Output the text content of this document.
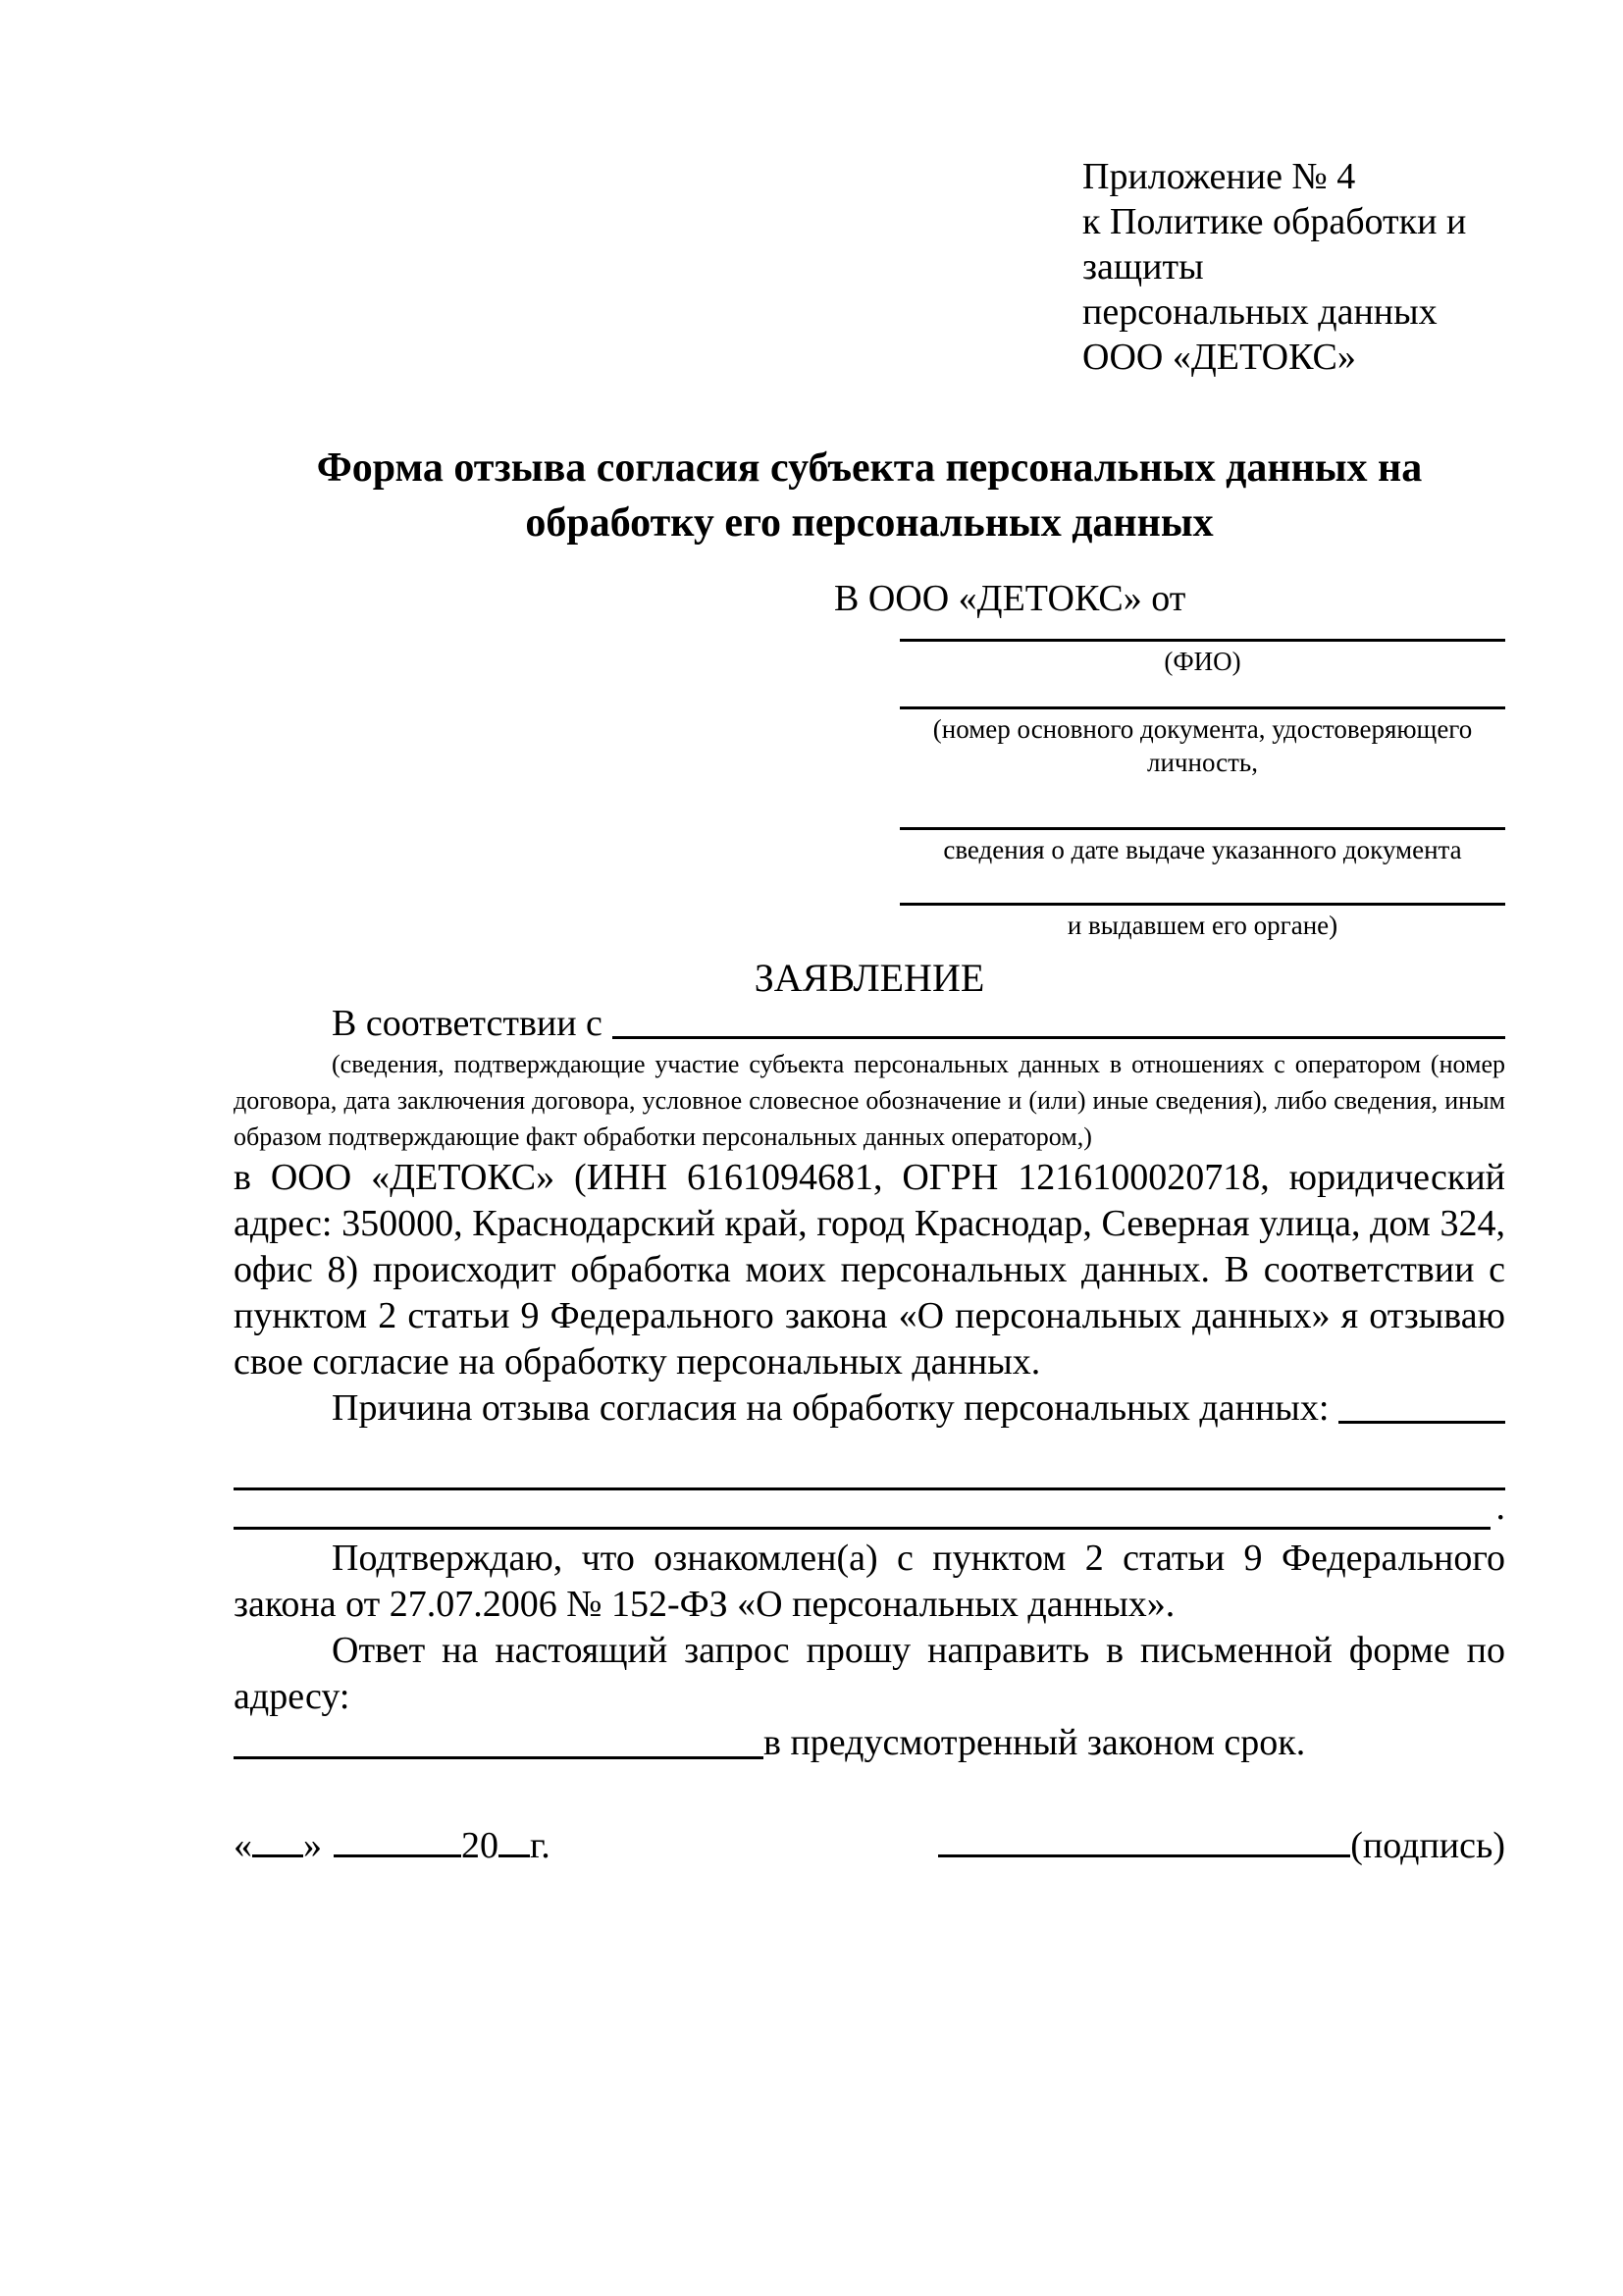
Приложение № 4
к Политике обработки и защиты
персональных данных
ООО «ДЕТОКС»
Форма отзыва согласия субъекта персональных данных на обработку его персональных данных
В ООО «ДЕТОКС» от
(ФИО)
(номер основного документа, удостоверяющего личность,
сведения о дате выдаче указанного документа
и выдавшем его органе)
ЗАЯВЛЕНИЕ
В соответствии с
(сведения, подтверждающие участие субъекта персональных данных в отношениях с оператором (номер договора, дата заключения договора, условное словесное обозначение и (или) иные сведения), либо сведения, иным образом подтверждающие факт обработки персональных данных оператором,)
в ООО «ДЕТОКС» (ИНН 6161094681, ОГРН 1216100020718, юридический адрес: 350000, Краснодарский край, город Краснодар, Северная улица, дом 324, офис 8) происходит обработка моих персональных данных. В соответствии с пунктом 2 статьи 9 Федерального закона «О персональных данных» я отзываю свое согласие на обработку персональных данных.
Причина отзыва согласия на обработку персональных данных:
.
Подтверждаю, что ознакомлен(а) с пунктом 2 статьи 9 Федерального закона от 27.07.2006 № 152-ФЗ «О персональных данных».
Ответ на настоящий запрос прошу направить в письменной форме по адресу:
в предусмотренный законом срок.
« »	20 г.	(подпись)
